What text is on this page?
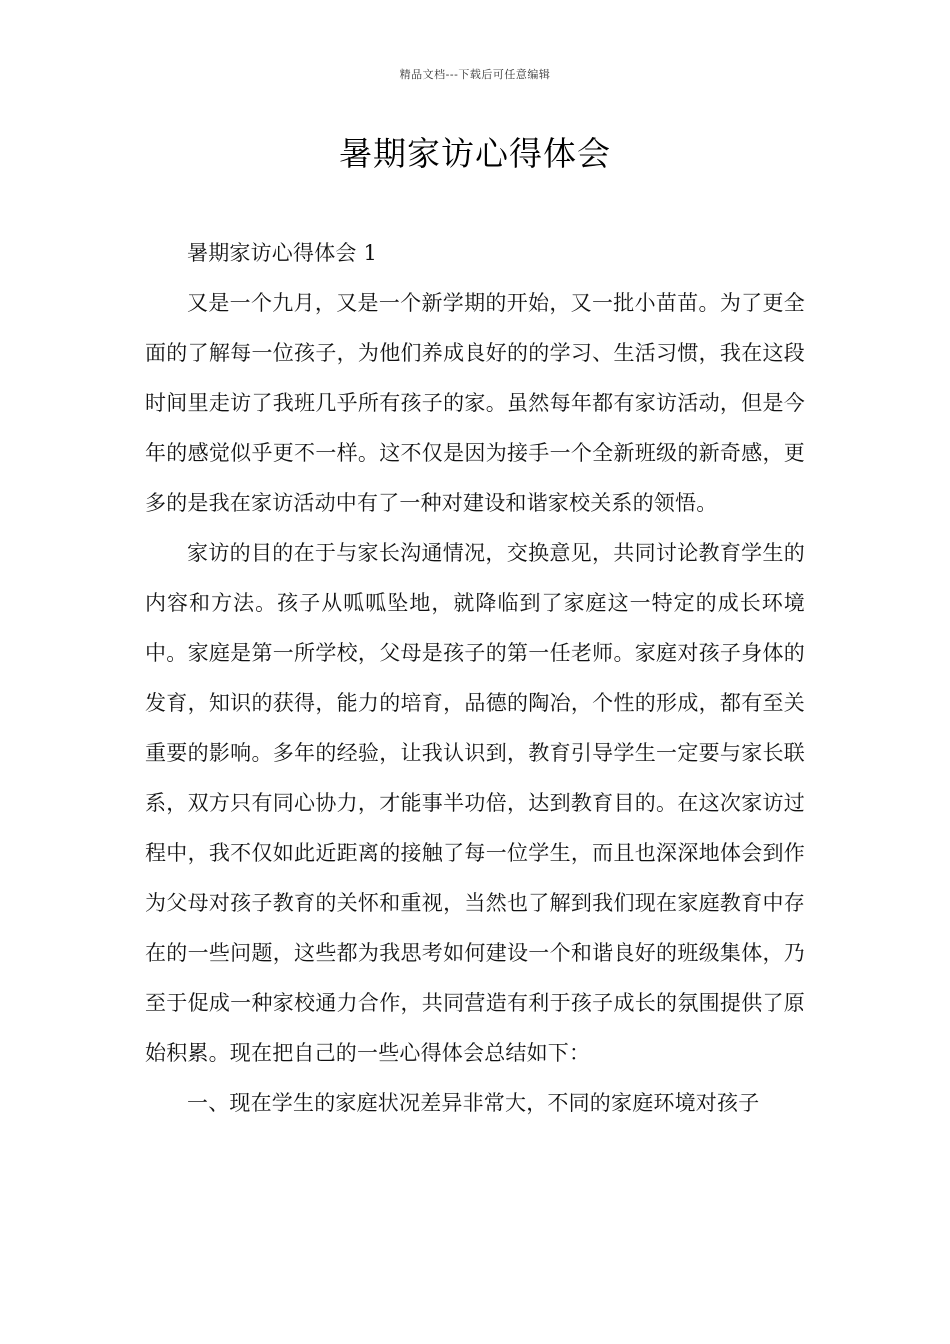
精品文档---下载后可任意编辑
暑期家访心得体会

暑期家访心得体会 1

又是一个九月，又是一个新学期的开始，又一批小苗苗。为了更全面的了解每一位孩子，为他们养成良好的的学习、生活习惯，我在这段时间里走访了我班几乎所有孩子的家。虽然每年都有家访活动，但是今年的感觉似乎更不一样。这不仅是因为接手一个全新班级的新奇感，更多的是我在家访活动中有了一种对建设和谐家校关系的领悟。

家访的目的在于与家长沟通情况，交换意见，共同讨论教育学生的内容和方法。孩子从呱呱坠地，就降临到了家庭这一特定的成长环境中。家庭是第一所学校，父母是孩子的第一任老师。家庭对孩子身体的发育，知识的获得，能力的培育，品德的陶冶，个性的形成，都有至关重要的影响。多年的经验，让我认识到，教育引导学生一定要与家长联系，双方只有同心协力，才能事半功倍，达到教育目的。在这次家访过程中，我不仅如此近距离的接触了每一位学生，而且也深深地体会到作为父母对孩子教育的关怀和重视，当然也了解到我们现在家庭教育中存在的一些问题，这些都为我思考如何建设一个和谐良好的班级集体，乃至于促成一种家校通力合作，共同营造有利于孩子成长的氛围提供了原始积累。现在把自己的一些心得体会总结如下：

一、现在学生的家庭状况差异非常大，不同的家庭环境对孩子
